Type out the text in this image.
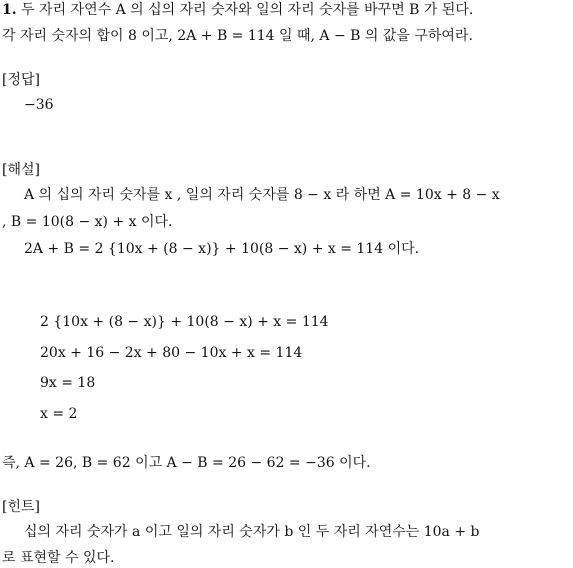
1. 두 자리 자연수 A 의 십의 자리 숫자와 일의 자리 숫자를 바꾸면 B 가 된다.
각 자리 숫자의 합이 8 이고, 2A + B = 114 일 때, A − B 의 값을 구하여라.
[정답]
−36
[해설]
A 의 십의 자리 숫자를 x , 일의 자리 숫자를 8 − x 라 하면 A = 10x + 8 − x
, B = 10(8 − x) + x 이다.
2A + B = 2 {10x + (8 − x)} + 10(8 − x) + x = 114 이다.
2 {10x + (8 − x)} + 10(8 − x) + x = 114
20x + 16 − 2x + 80 − 10x + x = 114
9x = 18
x = 2
즉, A = 26, B = 62 이고 A − B = 26 − 62 = −36 이다.
[힌트]
십의 자리 숫자가 a 이고 일의 자리 숫자가 b 인 두 자리 자연수는 10a + b
로 표현할 수 있다.
